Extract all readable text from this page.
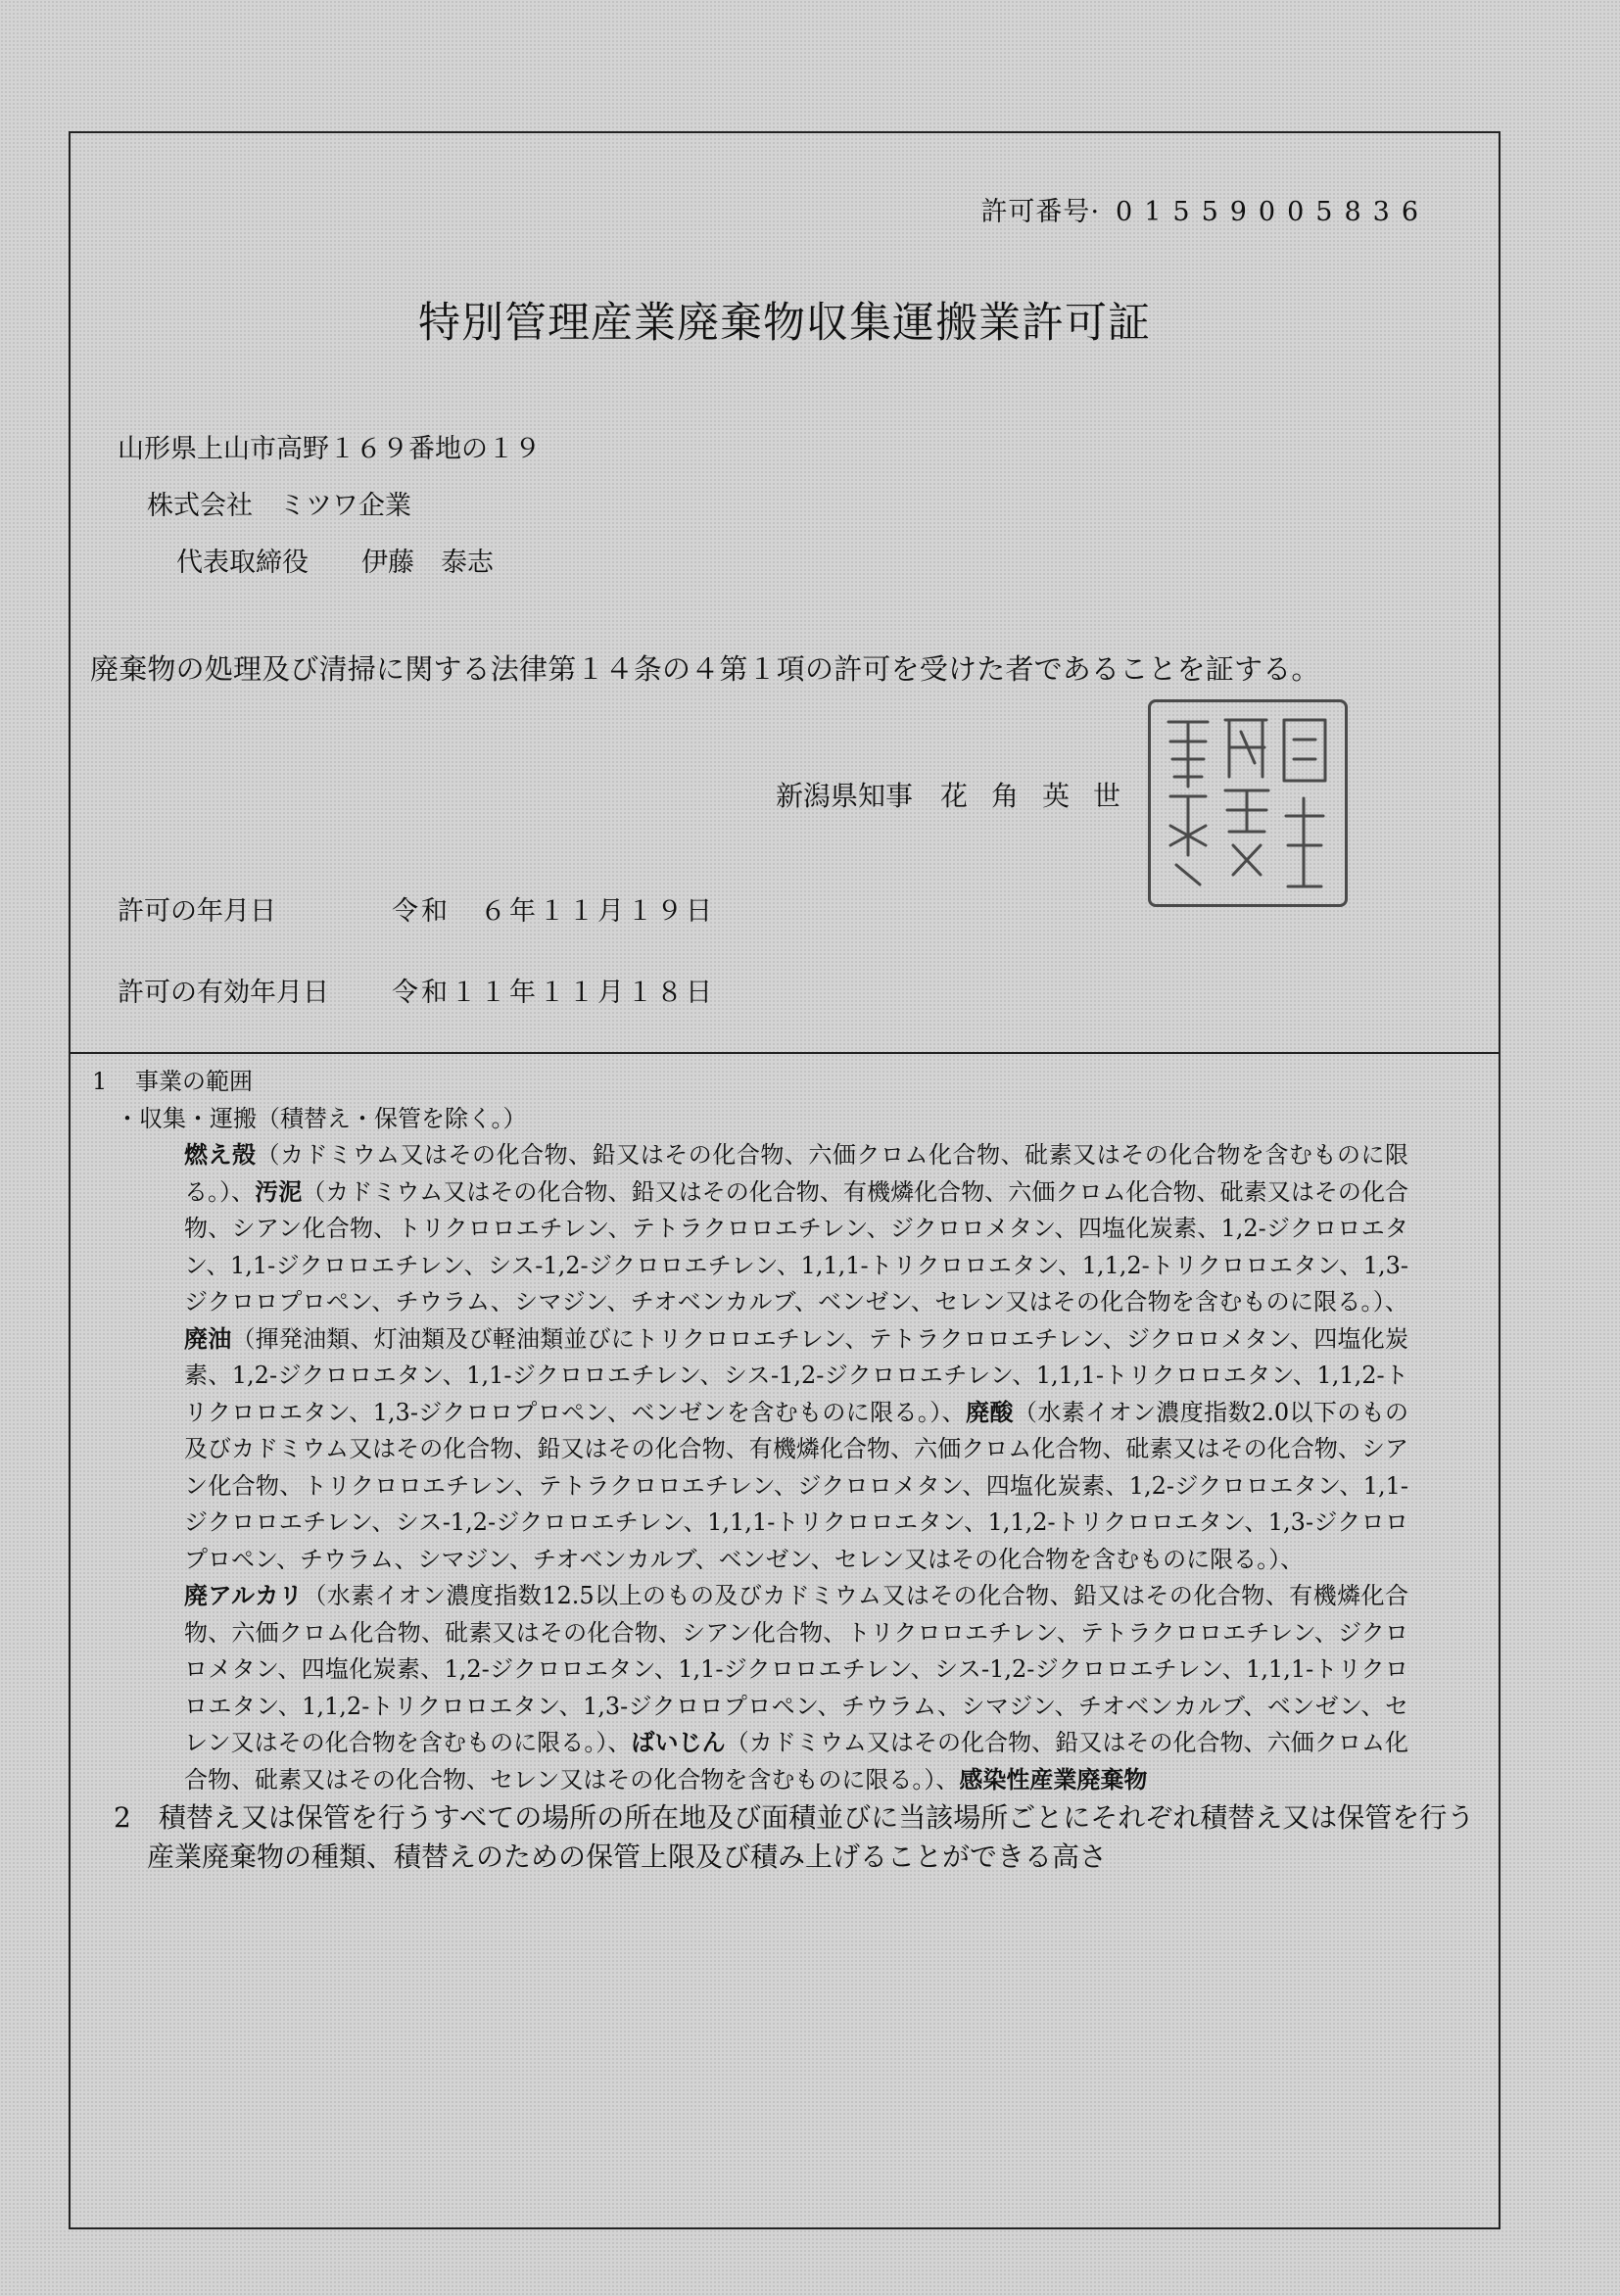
許可番号· 01559005836
特別管理産業廃棄物収集運搬業許可証
山形県上山市高野１６９番地の１９
株式会社　ミツワ企業
代表取締役 伊藤　泰志
廃棄物の処理及び清掃に関する法律第１４条の４第１項の許可を受けた者であることを証する。
新潟県知事 花角英世
許可の年月日	令和　６年１１月１９日
許可の有効年月日 令和１１年１１月１８日
1 事業の範囲
・収集・運搬（積替え・保管を除く。）
燃え殻（カドミウム又はその化合物、鉛又はその化合物、六価クロム化合物、砒素又はその化合物を含むものに限る。）、汚泥（カドミウム又はその化合物、鉛又はその化合物、有機燐化合物、六価クロム化合物、砒素又はその化合物、シアン化合物、トリクロロエチレン、テトラクロロエチレン、ジクロロメタン、四塩化炭素、1,2-ジクロロエタン、1,1-ジクロロエチレン、シス-1,2-ジクロロエチレン、1,1,1-トリクロロエタン、1,1,2-トリクロロエタン、1,3-ジクロロプロペン、チウラム、シマジン、チオベンカルブ、ベンゼン、セレン又はその化合物を含むものに限る。）、廃油（揮発油類、灯油類及び軽油類並びにトリクロロエチレン、テトラクロロエチレン、ジクロロメタン、四塩化炭素、1,2-ジクロロエタン、1,1-ジクロロエチレン、シス-1,2-ジクロロエチレン、1,1,1-トリクロロエタン、1,1,2-トリクロロエタン、1,3-ジクロロプロペン、ベンゼンを含むものに限る。）、廃酸（水素イオン濃度指数2.0以下のもの及びカドミウム又はその化合物、鉛又はその化合物、有機燐化合物、六価クロム化合物、砒素又はその化合物、シアン化合物、トリクロロエチレン、テトラクロロエチレン、ジクロロメタン、四塩化炭素、1,2-ジクロロエタン、1,1-ジクロロエチレン、シス-1,2-ジクロロエチレン、1,1,1-トリクロロエタン、1,1,2-トリクロロエタン、1,3-ジクロロプロペン、チウラム、シマジン、チオベンカルブ、ベンゼン、セレン又はその化合物を含むものに限る。）、
廃アルカリ（水素イオン濃度指数12.5以上のもの及びカドミウム又はその化合物、鉛又はその化合物、有機燐化合物、六価クロム化合物、砒素又はその化合物、シアン化合物、トリクロロエチレン、テトラクロロエチレン、ジクロロメタン、四塩化炭素、1,2-ジクロロエタン、1,1-ジクロロエチレン、シス-1,2-ジクロロエチレン、1,1,1-トリクロロエタン、1,1,2-トリクロロエタン、1,3-ジクロロプロペン、チウラム、シマジン、チオベンカルブ、ベンゼン、セレン又はその化合物を含むものに限る。）、ばいじん（カドミウム又はその化合物、鉛又はその化合物、六価クロム化合物、砒素又はその化合物、セレン又はその化合物を含むものに限る。）、感染性産業廃棄物
2　 積替え又は保管を行うすべての場所の所在地及び面積並びに当該場所ごとにそれぞれ積替え又は保管を行う産業廃棄物の種類、積替えのための保管上限及び積み上げることができる高さ
